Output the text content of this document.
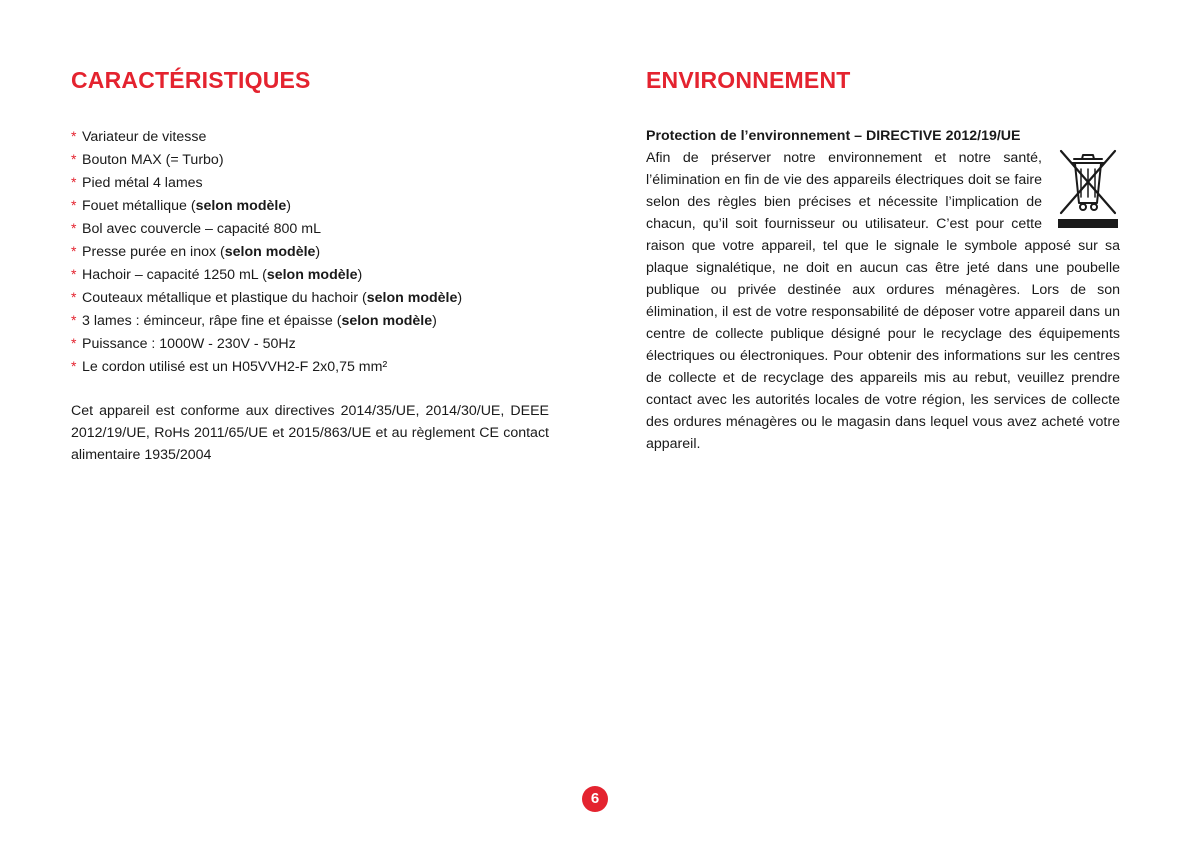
CARACTÉRISTIQUES
* Variateur de vitesse
* Bouton MAX (= Turbo)
* Pied métal 4 lames
* Fouet métallique (selon modèle)
* Bol avec couvercle – capacité 800 mL
* Presse purée en inox (selon modèle)
* Hachoir – capacité 1250 mL (selon modèle)
* Couteaux métallique et plastique du hachoir (selon modèle)
* 3 lames : éminceur, râpe fine et épaisse (selon modèle)
* Puissance : 1000W - 230V - 50Hz
* Le cordon utilisé est un H05VVH2-F 2x0,75 mm²

Cet appareil est conforme aux directives 2014/35/UE, 2014/30/UE, DEEE 2012/19/UE, RoHs 2011/65/UE et 2015/863/UE et au règlement CE contact alimentaire 1935/2004

ENVIRONNEMENT
Protection de l’environnement – DIRECTIVE 2012/19/UE
Afin de préserver notre environnement et notre santé, l’élimination en fin de vie des appareils électriques doit se faire selon des règles bien précises et nécessite l’implication de chacun, qu’il soit fournisseur ou utilisateur. C’est pour cette raison que votre appareil, tel que le signale le symbole apposé sur sa plaque signalétique, ne doit en aucun cas être jeté dans une poubelle publique ou privée destinée aux ordures ménagères. Lors de son élimination, il est de votre responsabilité de déposer votre appareil dans un centre de collecte publique désigné pour le recyclage des équipements électriques ou électroniques. Pour obtenir des informations sur les centres de collecte et de recyclage des appareils mis au rebut, veuillez prendre contact avec les autorités locales de votre région, les services de collecte des ordures ménagères ou le magasin dans lequel vous avez acheté votre appareil.
6
